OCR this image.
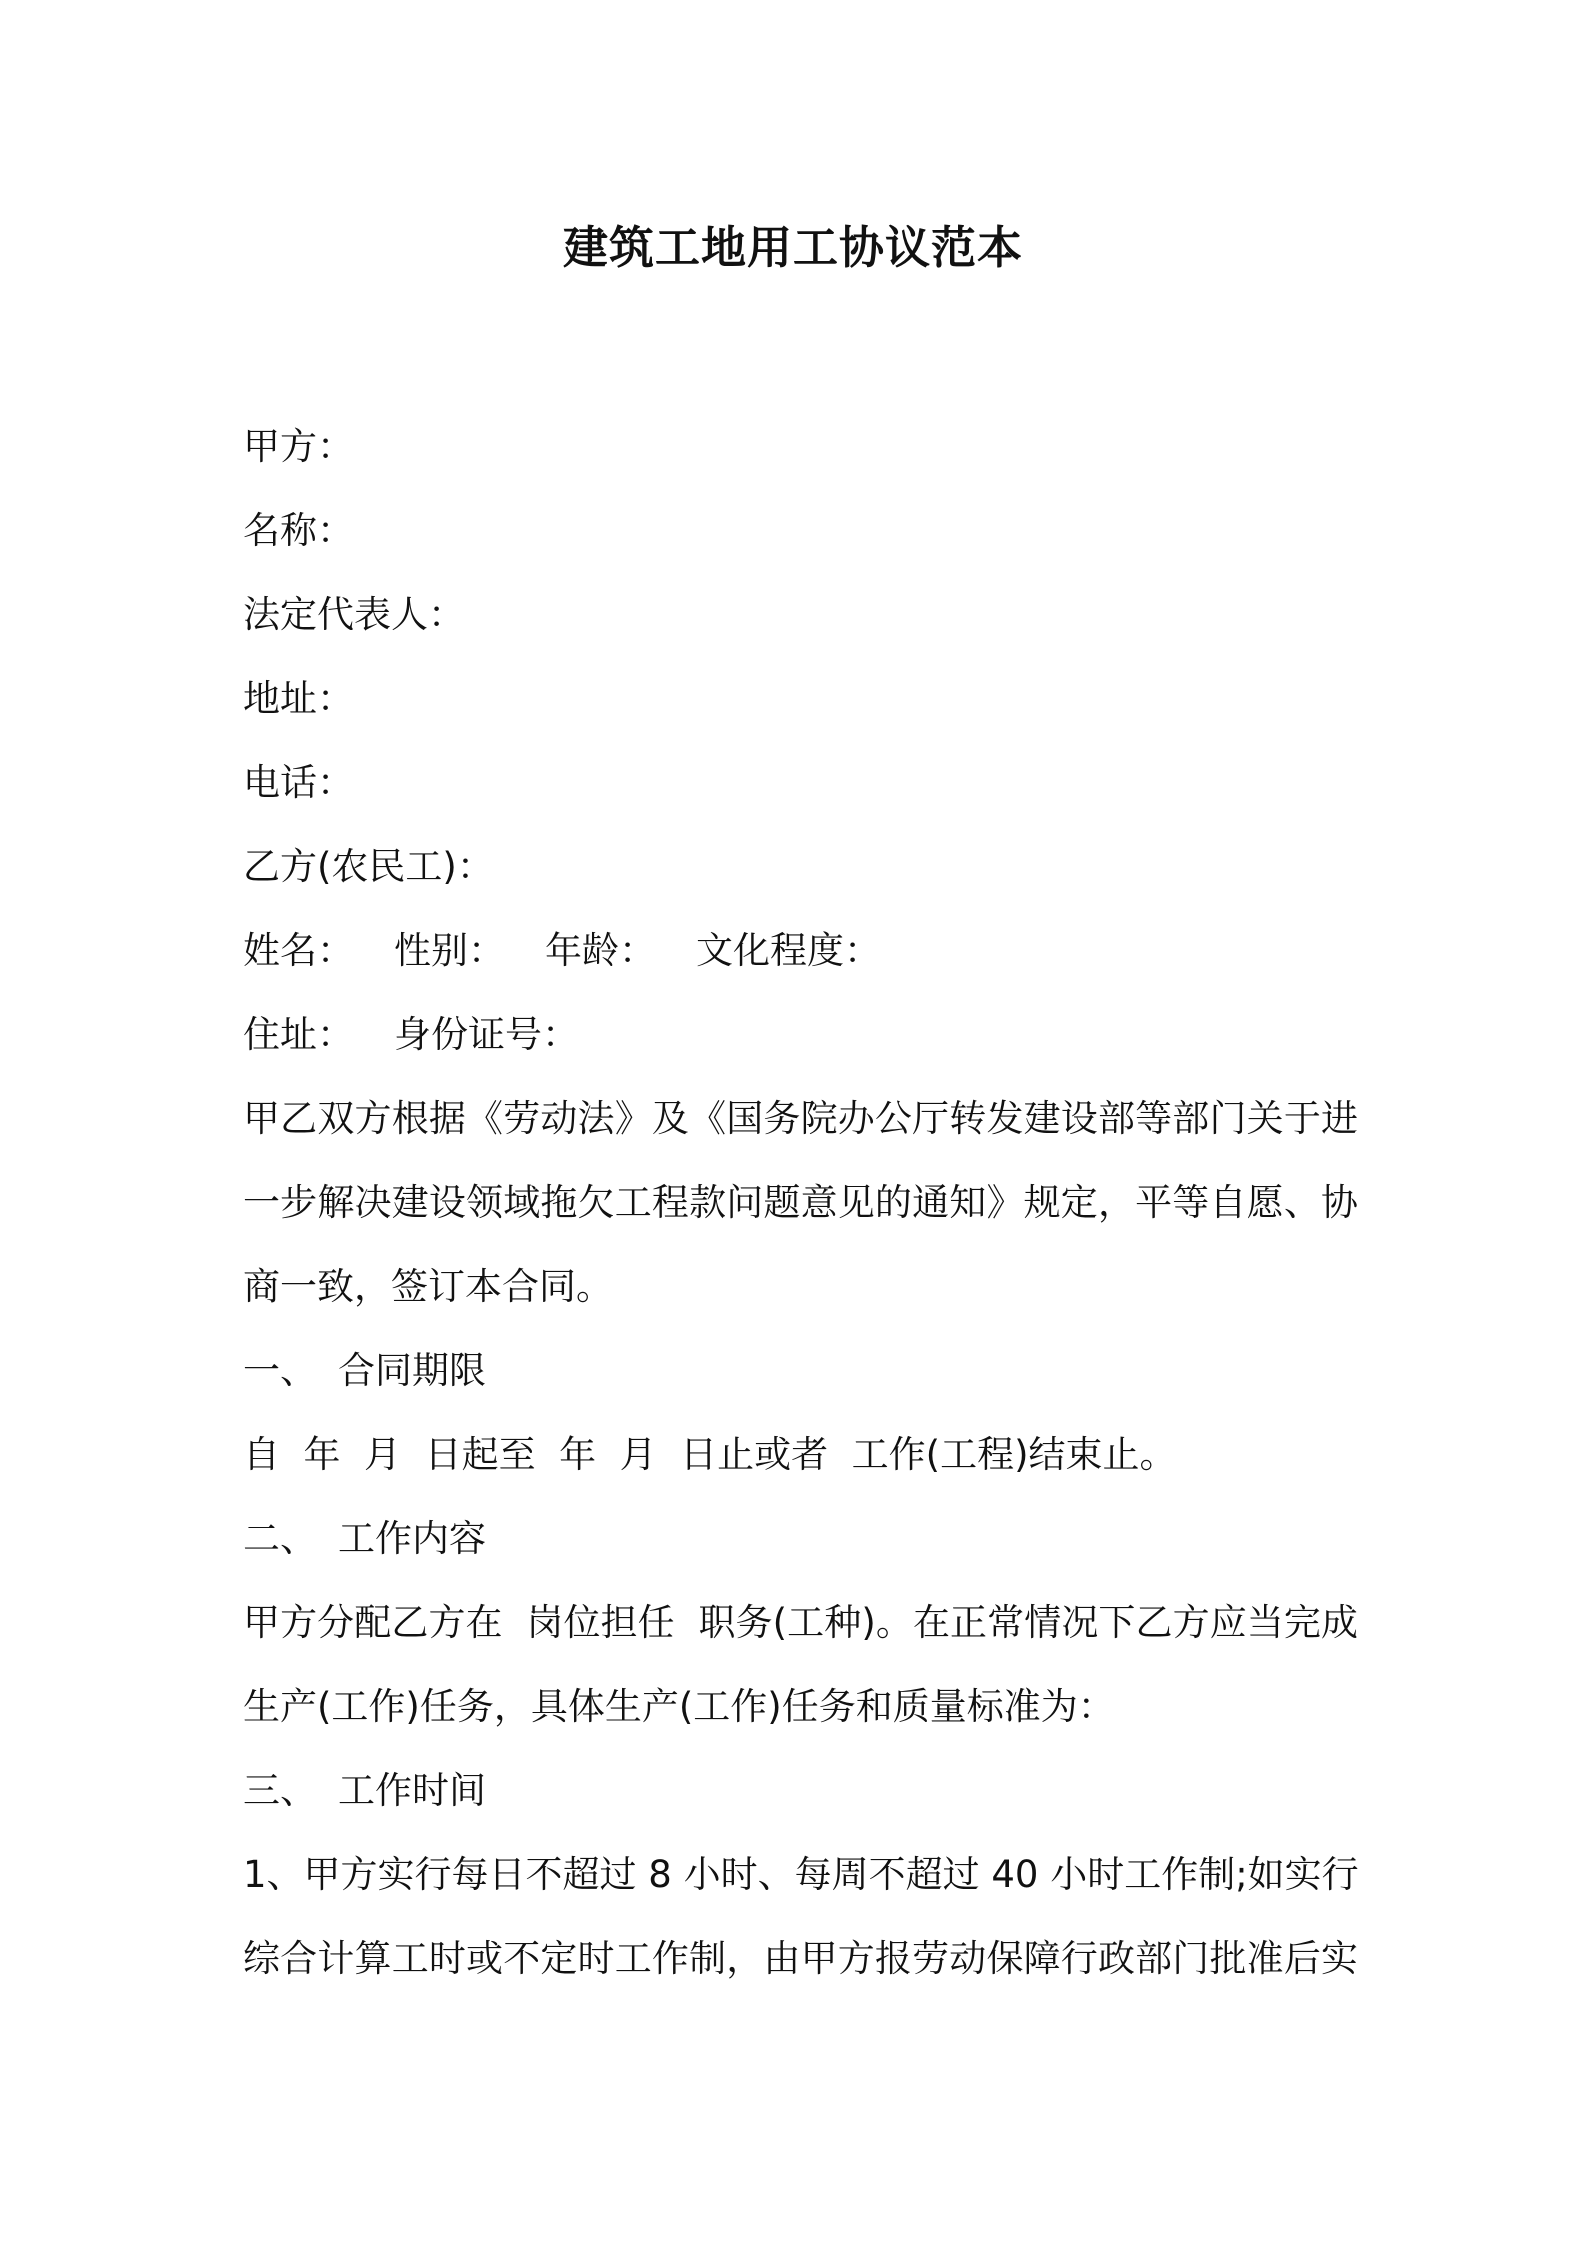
建筑工地用工协议范本
甲方：
名称：
法定代表人：
地址：
电话：
乙方(农民工)：
姓名： 性别： 年龄： 文化程度：
住址： 身份证号：
甲乙双方根据《劳动法》及《国务院办公厅转发建设部等部门关于进
一步解决建设领域拖欠工程款问题意见的通知》规定，平等自愿、协
商一致，签订本合同。
一、 合同期限
自  年  月  日起至  年  月  日止或者  工作(工程)结束止。
二、 工作内容
甲方分配乙方在  岗位担任  职务(工种)。在正常情况下乙方应当完成
生产(工作)任务，具体生产(工作)任务和质量标准为：
三、 工作时间
1、甲方实行每日不超过 8 小时、每周不超过 40 小时工作制;如实行
综合计算工时或不定时工作制，由甲方报劳动保障行政部门批准后实
